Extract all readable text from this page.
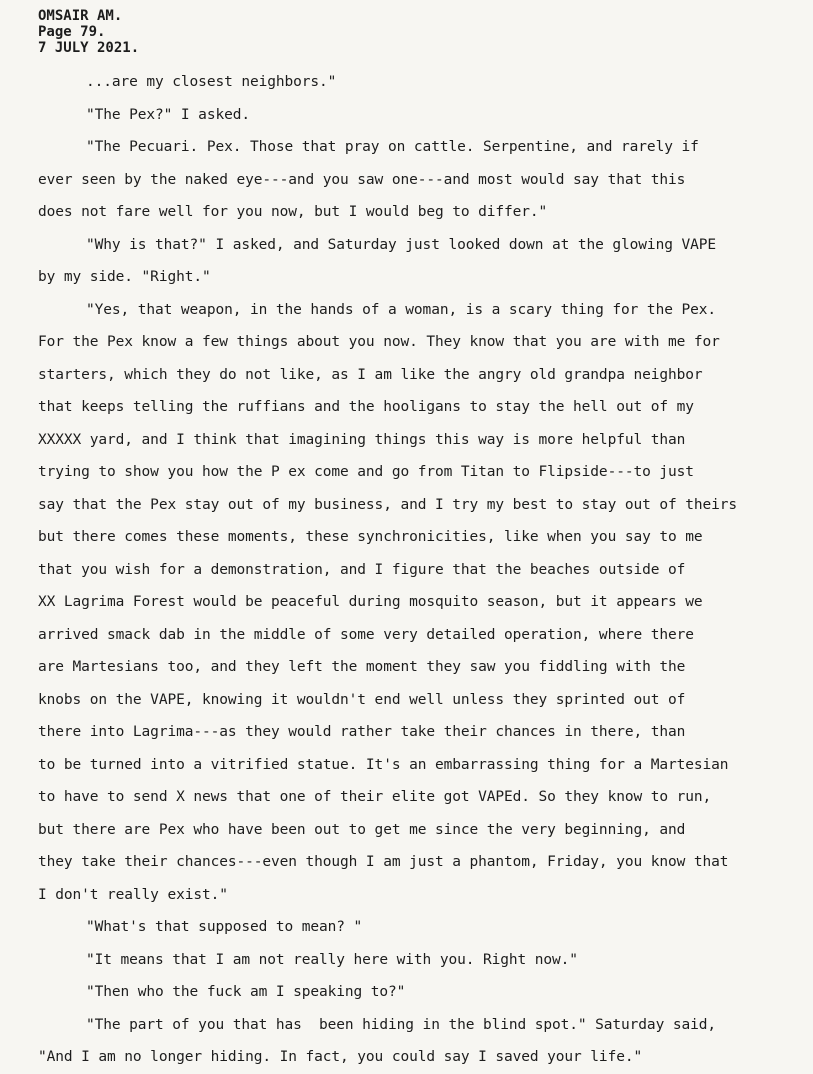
OMSAIR AM.

Page 79.

7 JULY 2021.

...are my closest neighbors."

"The Pex?" I asked.

"The Pecuari. Pex. Those that pray on cattle. Serpentine, and rarely if

ever seen by the naked eye---and you saw one---and most would say that this

does not fare well for you now, but I would beg to differ."

"Why is that?" I asked, and Saturday just looked down at the glowing VAPE

by my side. "Right."

"Yes, that weapon, in the hands of a woman, is a scary thing for the Pex.

For the Pex know a few things about you now. They know that you are with me for

starters, which they do not like, as I am like the angry old grandpa neighbor

that keeps telling the ruffians and the hooligans to stay the hell out of my

XXXXX yard, and I think that imagining things this way is more helpful than

trying to show you how the P ex come and go from Titan to Flipside---to just

say that the Pex stay out of my business, and I try my best to stay out of theirs

but there comes these moments, these synchronicities, like when you say to me

that you wish for a demonstration, and I figure that the beaches outside of

XX Lagrima Forest would be peaceful during mosquito season, but it appears we

arrived smack dab in the middle of some very detailed operation, where there

are Martesians too, and they left the moment they saw you fiddling with the

knobs on the VAPE, knowing it wouldn't end well unless they sprinted out of

there into Lagrima---as they would rather take their chances in there, than

to be turned into a vitrified statue. It's an embarrassing thing for a Martesian

to have to send X news that one of their elite got VAPEd. So they know to run,

but there are Pex who have been out to get me since the very beginning, and

they take their chances---even though I am just a phantom, Friday, you know that

I don't really exist."

"What's that supposed to mean? "

"It means that I am not really here with you. Right now."

"Then who the fuck am I speaking to?"

"The part of you that has  been hiding in the blind spot." Saturday said,

"And I am no longer hiding. In fact, you could say I saved your life."
